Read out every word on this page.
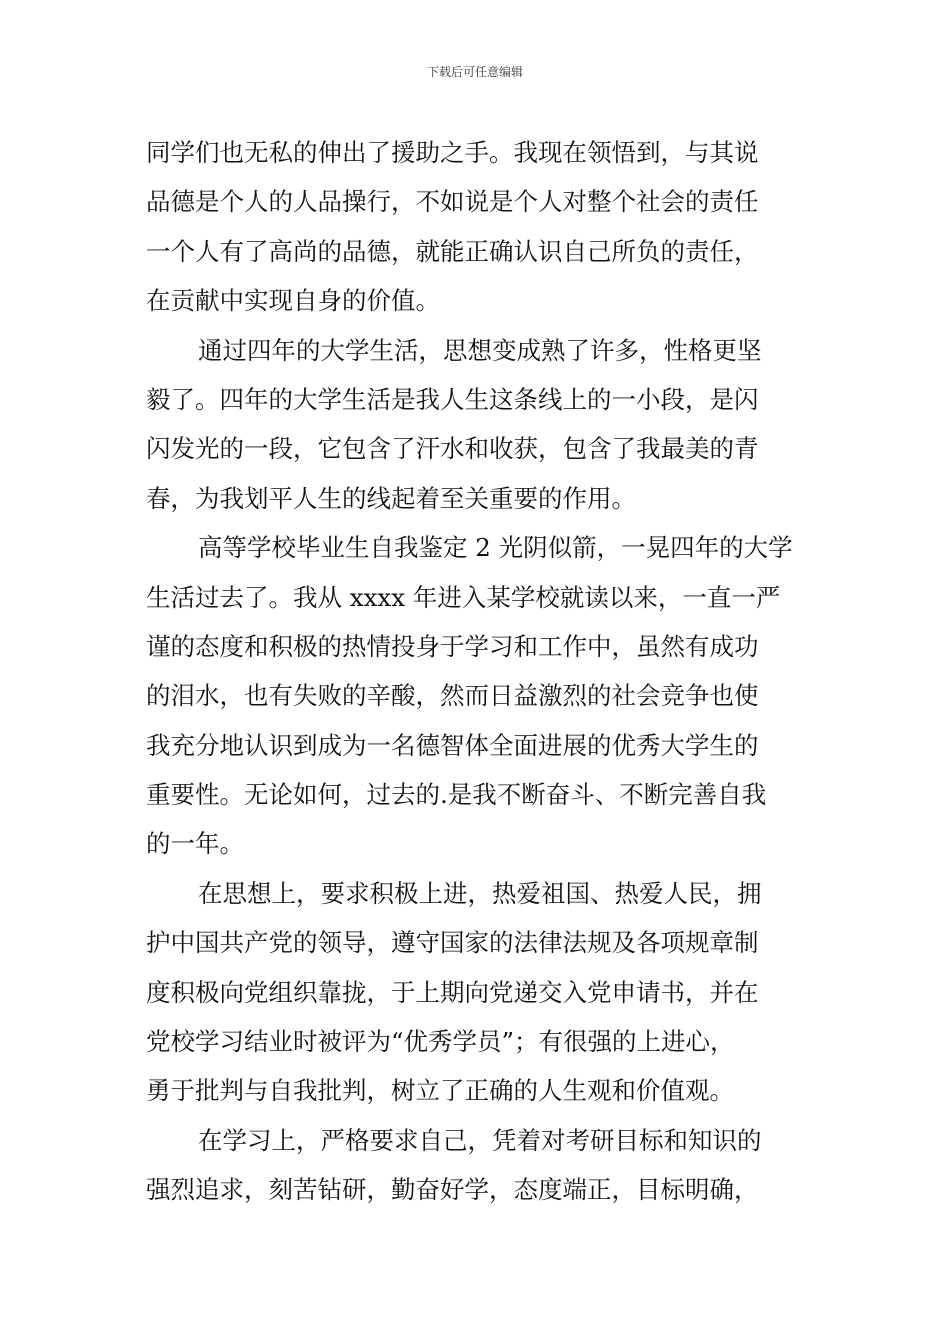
下载后可任意编辑
同学们也无私的伸出了援助之手。我现在领悟到，与其说
品德是个人的人品操行，不如说是个人对整个社会的责任
一个人有了高尚的品德，就能正确认识自己所负的责任，
在贡献中实现自身的价值。
通过四年的大学生活，思想变成熟了许多，性格更坚
毅了。四年的大学生活是我人生这条线上的一小段，是闪
闪发光的一段，它包含了汗水和收获，包含了我最美的青
春，为我划平人生的线起着至关重要的作用。
高等学校毕业生自我鉴定 2 光阴似箭，一晃四年的大学
生活过去了。我从 xxxx 年进入某学校就读以来，一直一严
谨的态度和积极的热情投身于学习和工作中，虽然有成功
的泪水，也有失败的辛酸，然而日益激烈的社会竞争也使
我充分地认识到成为一名德智体全面进展的优秀大学生的
重要性。无论如何，过去的.是我不断奋斗、不断完善自我
的一年。
在思想上，要求积极上进，热爱祖国、热爱人民，拥
护中国共产党的领导，遵守国家的法律法规及各项规章制
度积极向党组织靠拢，于上期向党递交入党申请书，并在
党校学习结业时被评为“优秀学员”；有很强的上进心，
勇于批判与自我批判，树立了正确的人生观和价值观。
在学习上，严格要求自己，凭着对考研目标和知识的
强烈追求，刻苦钻研，勤奋好学，态度端正，目标明确，
